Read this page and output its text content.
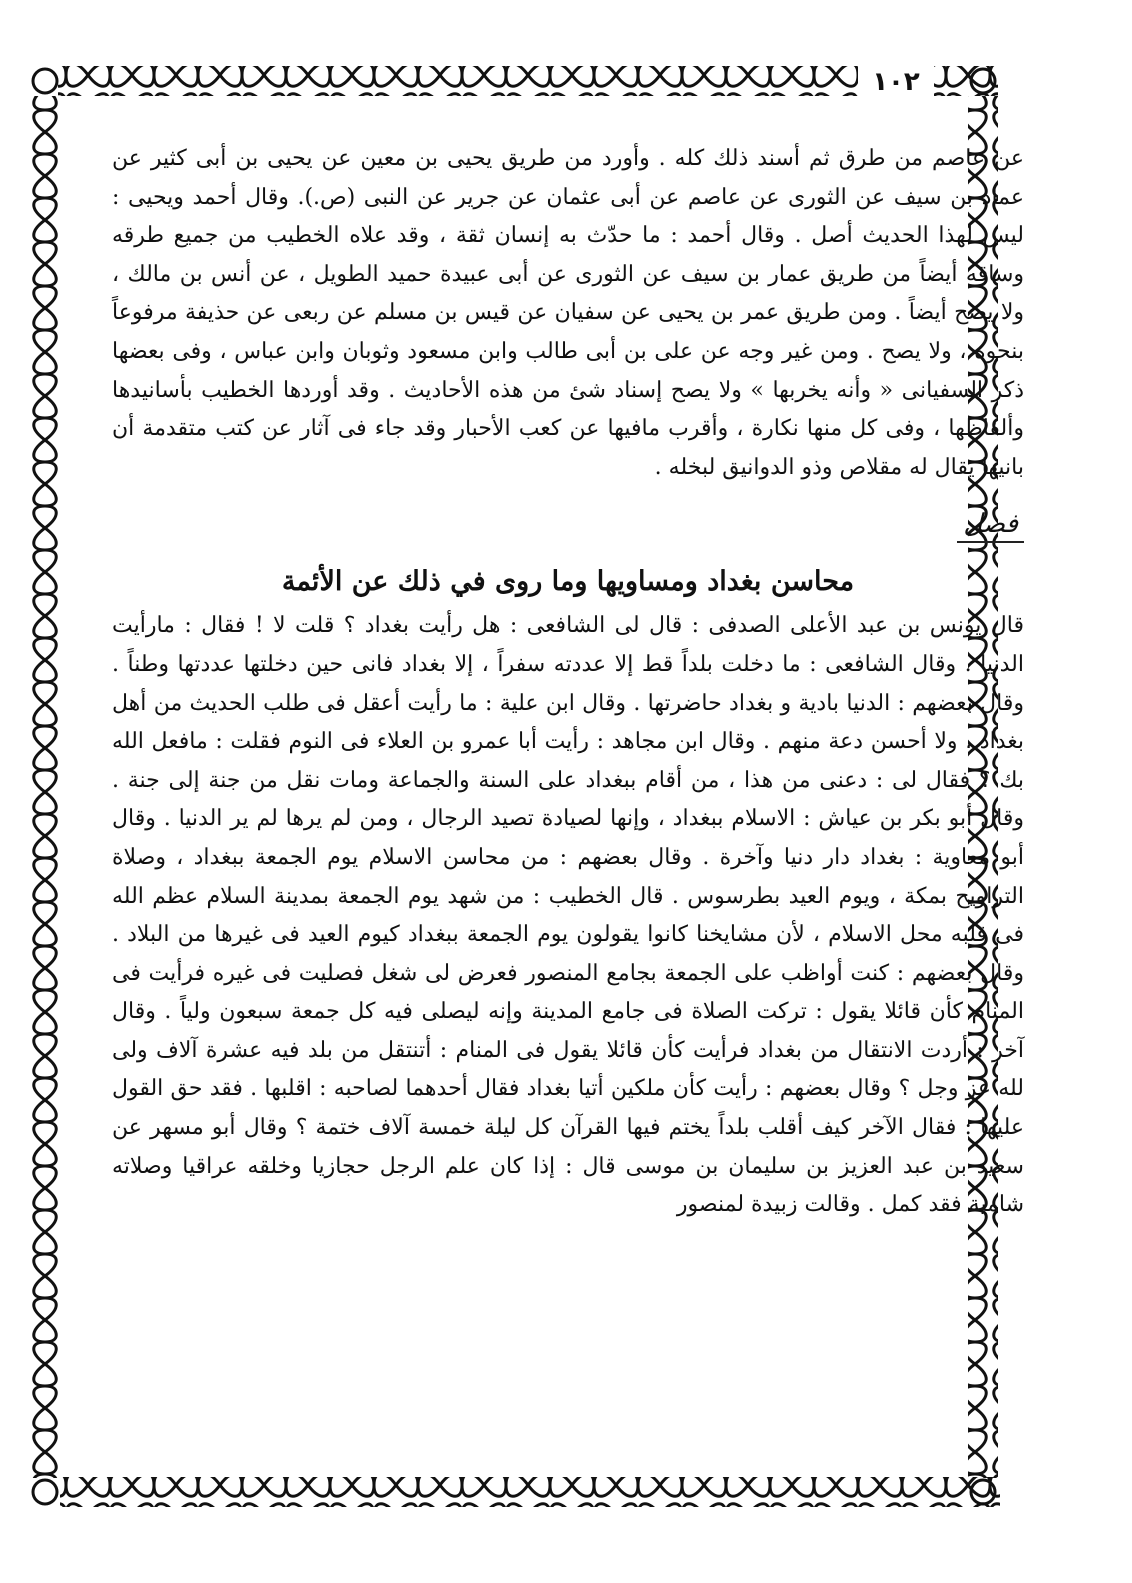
١٠٢

عن عاصم من طرق ثم أسند ذلك كله . وأورد من طريق يحيى بن معين عن يحيى بن أبى كثير عن عماد بن سيف عن الثورى عن عاصم عن أبى عثمان عن جرير عن النبى (ص.). وقال أحمد ويحيى : ليس لهذا الحديث أصل . وقال أحمد : ما حدّث به إنسان ثقة ، وقد علاه الخطيب من جميع طرقه وساقه أيضاً من طريق عمار بن سيف عن الثورى عن أبى عبيدة حميد الطويل ، عن أنس بن مالك ، ولا يصح أيضاً . ومن طريق عمر بن يحيى عن سفيان عن قيس بن مسلم عن ربعى عن حذيفة مرفوعاً بنحوه ، ولا يصح . ومن غير وجه عن على بن أبى طالب وابن مسعود وثوبان وابن عباس ، وفى بعضها ذكر السفيانى « وأنه يخربها » ولا يصح إسناد شئ من هذه الأحاديث . وقد أوردها الخطيب بأسانيدها وألفاظها ، وفى كل منها نكارة ، وأقرب مافيها عن كعب الأحبار وقد جاء فى آثار عن كتب متقدمة أن بانيها يقال له مقلاص وذو الدوانيق لبخله .

فصل
محاسن بغداد ومساويها وما روى في ذلك عن الأئمة

قال يونس بن عبد الأعلى الصدفى : قال لى الشافعى : هل رأيت بغداد ؟ قلت لا ! فقال : مارأيت الدنيا . وقال الشافعى : ما دخلت بلداً قط إلا عددته سفراً ، إلا بغداد فانى حين دخلتها عددتها وطناً . وقال بعضهم : الدنيا بادية و بغداد حاضرتها . وقال ابن علية : ما رأيت أعقل فى طلب الحديث من أهل بغداد ، ولا أحسن دعة منهم . وقال ابن مجاهد : رأيت أبا عمرو بن العلاء فى النوم فقلت : مافعل الله بك ؟ فقال لى : دعنى من هذا ، من أقام ببغداد على السنة والجماعة ومات نقل من جنة إلى جنة . وقال أبو بكر بن عياش : الاسلام ببغداد ، وإنها لصيادة تصيد الرجال ، ومن لم يرها لم ير الدنيا . وقال أبو معاوية : بغداد دار دنيا وآخرة . وقال بعضهم : من محاسن الاسلام يوم الجمعة ببغداد ، وصلاة التراويح بمكة ، ويوم العيد بطرسوس . قال الخطيب : من شهد يوم الجمعة بمدينة السلام عظم الله فى قلبه محل الاسلام ، لأن مشايخنا كانوا يقولون يوم الجمعة ببغداد كيوم العيد فى غيرها من البلاد . وقال بعضهم : كنت أواظب على الجمعة بجامع المنصور فعرض لى شغل فصليت فى غيره فرأيت فى المنام كأن قائلا يقول : تركت الصلاة فى جامع المدينة وإنه ليصلى فيه كل جمعة سبعون ولياً . وقال آخر : أردت الانتقال من بغداد فرأيت كأن قائلا يقول فى المنام : أتنتقل من بلد فيه عشرة آلاف ولى لله عز وجل ؟ وقال بعضهم : رأيت كأن ملكين أتيا بغداد فقال أحدهما لصاحبه : اقلبها . فقد حق القول عليها : فقال الآخر كيف أقلب بلداً يختم فيها القرآن كل ليلة خمسة آلاف ختمة ؟ وقال أبو مسهر عن سعيد بن عبد العزيز بن سليمان بن موسى قال : إذا كان علم الرجل حجازيا وخلقه عراقيا وصلاته شامية فقد كمل . وقالت زبيدة لمنصور
